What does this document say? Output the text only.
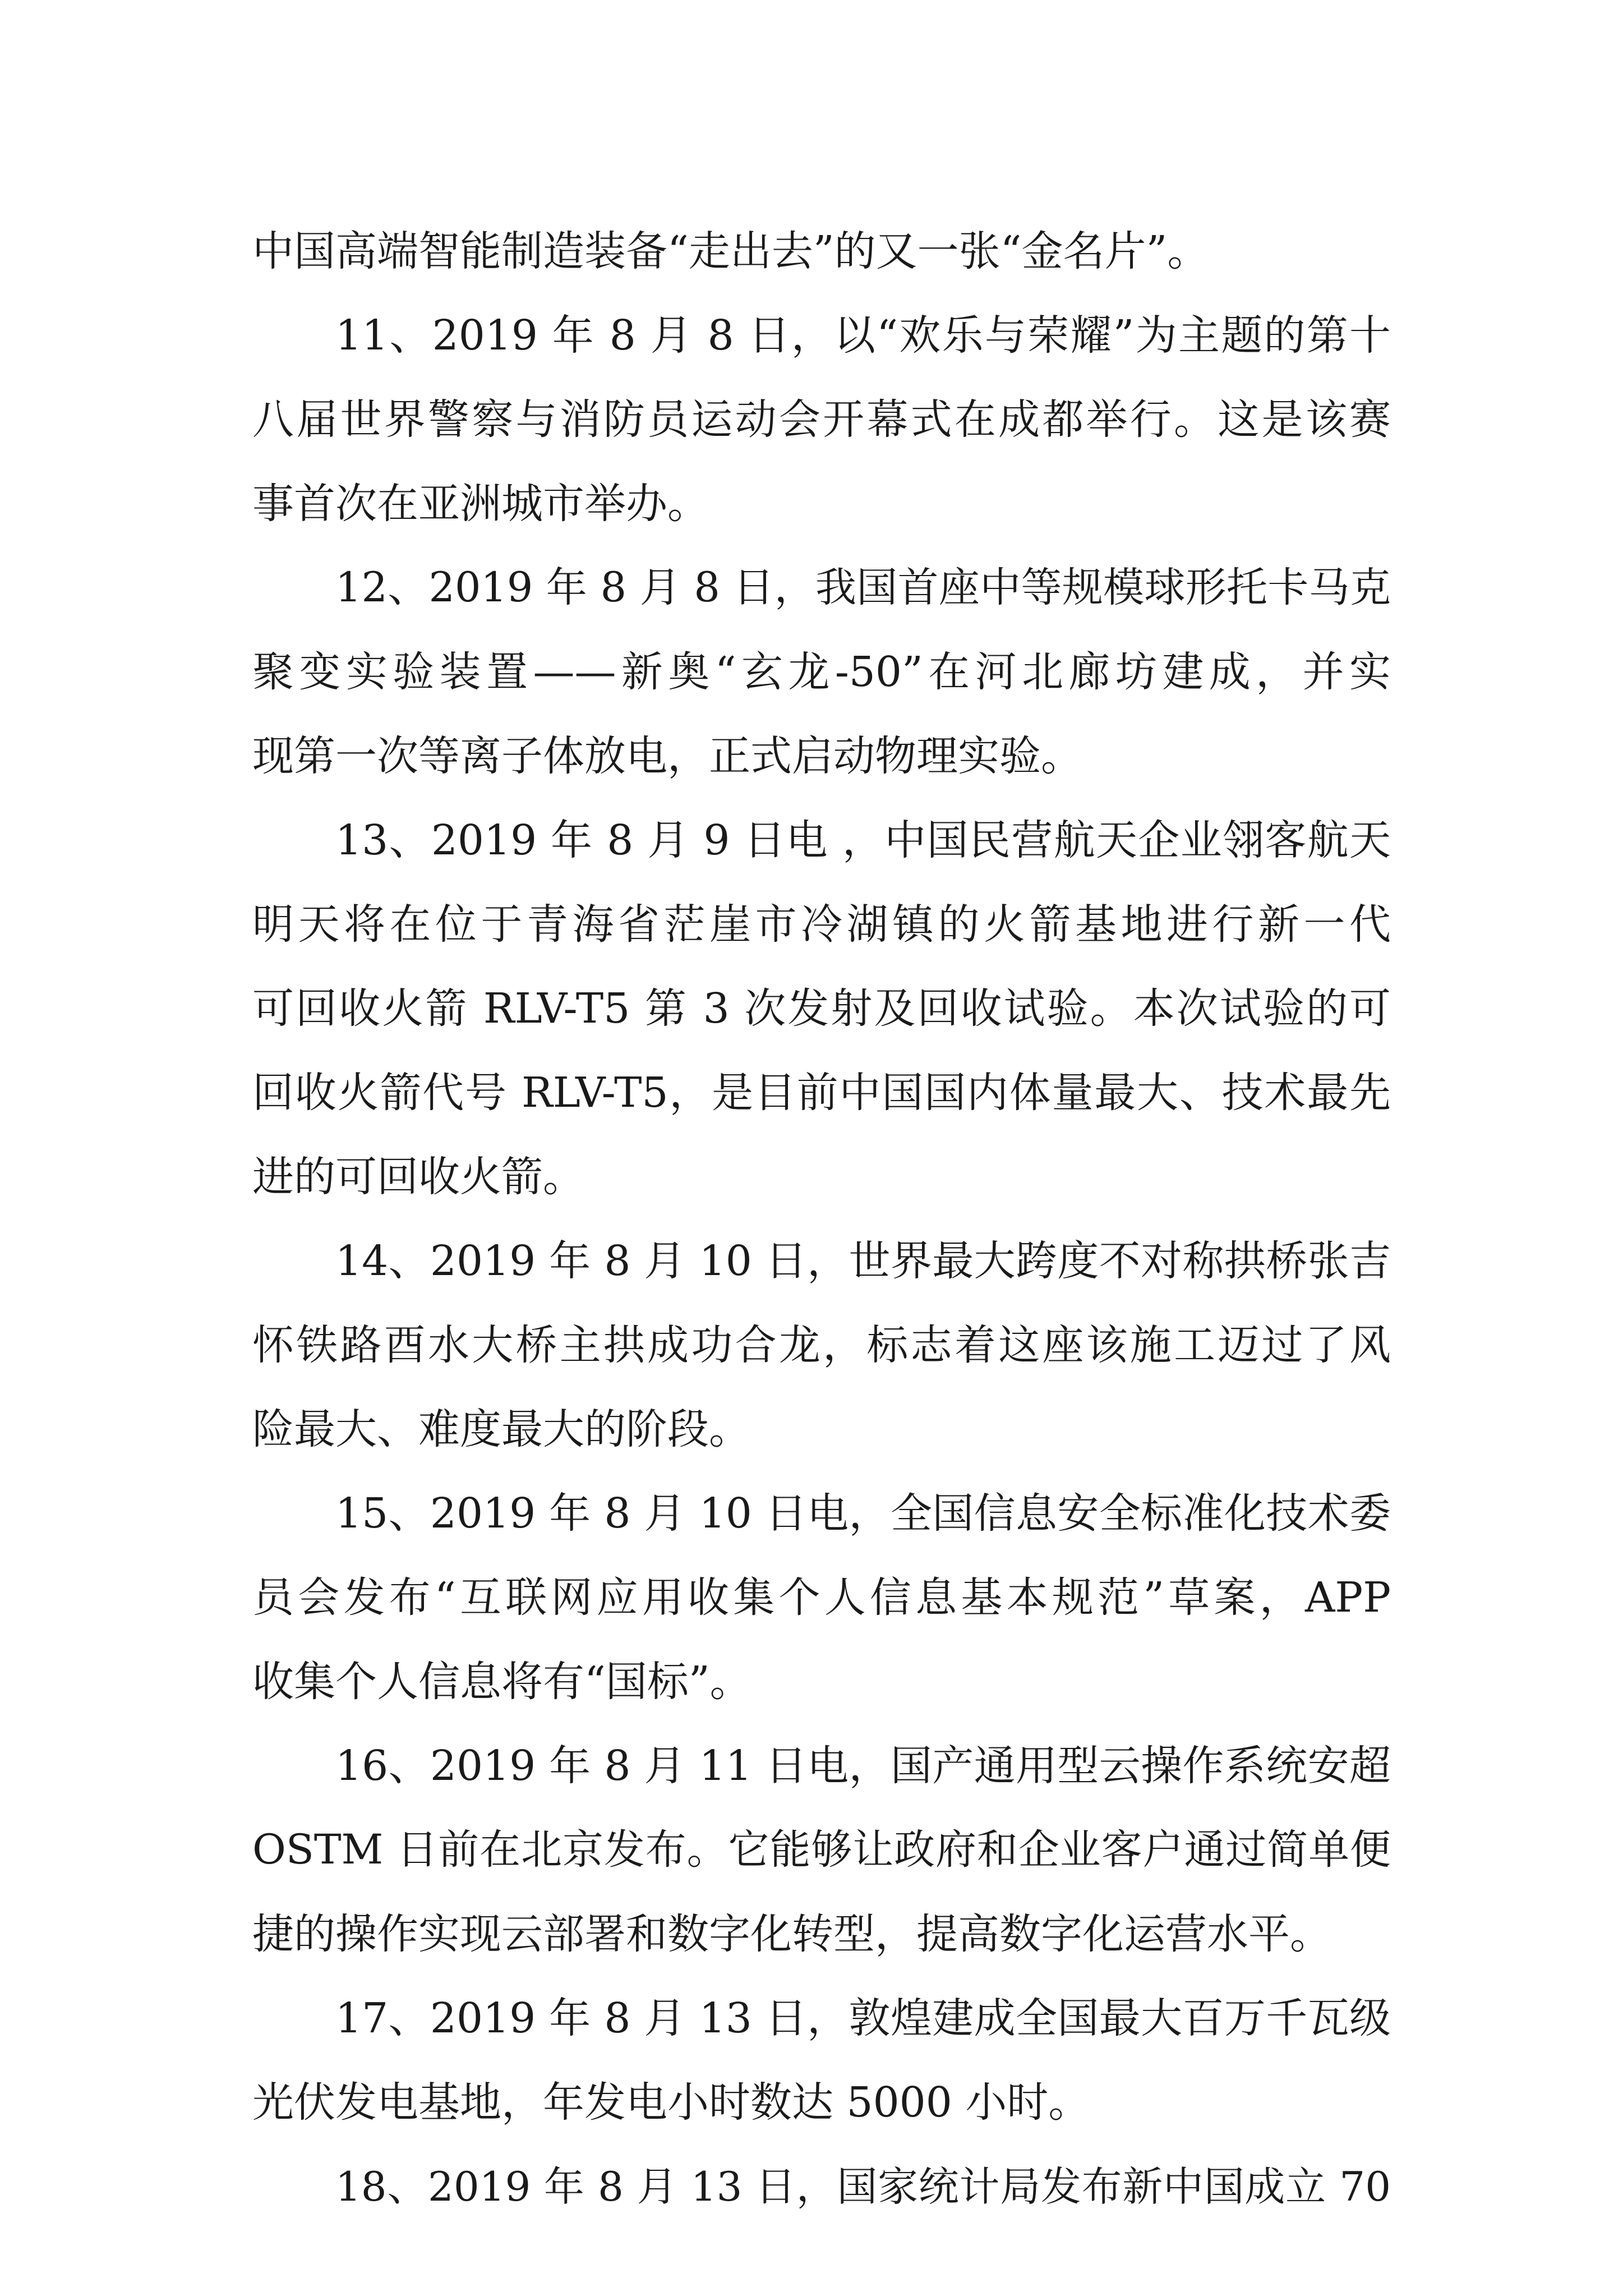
中国高端智能制造装备“走出去”的又一张“金名片”。
11、2019 年 8 月 8 日，以“欢乐与荣耀”为主题的第十
八届世界警察与消防员运动会开幕式在成都举行。这是该赛
事首次在亚洲城市举办。
12、2019 年 8 月 8 日，我国首座中等规模球形托卡马克
聚变实验装置——新奥“玄龙-50”在河北廊坊建成，并实
现第一次等离子体放电，正式启动物理实验。
13、2019 年 8 月 9 日电 ，中国民营航天企业翎客航天
明天将在位于青海省茫崖市冷湖镇的火箭基地进行新一代
可回收火箭 RLV-T5 第 3 次发射及回收试验。本次试验的可
回收火箭代号 RLV-T5，是目前中国国内体量最大、技术最先
进的可回收火箭。
14、2019 年 8 月 10 日，世界最大跨度不对称拱桥张吉
怀铁路酉水大桥主拱成功合龙，标志着这座该施工迈过了风
险最大、难度最大的阶段。
15、2019 年 8 月 10 日电，全国信息安全标准化技术委
员会发布“互联网应用收集个人信息基本规范”草案，APP
收集个人信息将有“国标”。
16、2019 年 8 月 11 日电，国产通用型云操作系统安超
OSTM 日前在北京发布。它能够让政府和企业客户通过简单便
捷的操作实现云部署和数字化转型，提高数字化运营水平。
17、2019 年 8 月 13 日，敦煌建成全国最大百万千瓦级
光伏发电基地，年发电小时数达 5000 小时。
18、2019 年 8 月 13 日，国家统计局发布新中国成立 70
